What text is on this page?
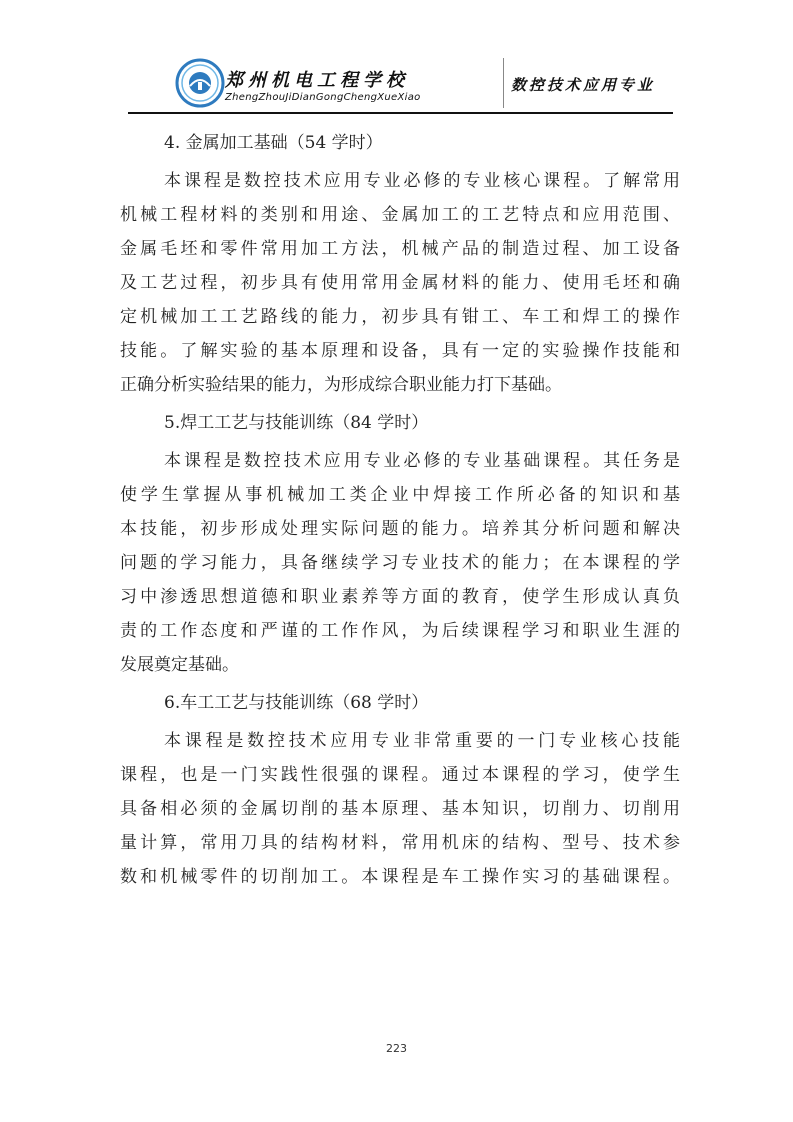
郑州机电工程学校
ZhengZhouJiDianGongChengXueXiao
数控技术应用专业
4. 金属加工基础（54 学时）
本课程是数控技术应用专业必修的专业核心课程。了解常用
机械工程材料的类别和用途、金属加工的工艺特点和应用范围、
金属毛坯和零件常用加工方法，机械产品的制造过程、加工设备
及工艺过程，初步具有使用常用金属材料的能力、使用毛坯和确
定机械加工工艺路线的能力，初步具有钳工、车工和焊工的操作
技能。了解实验的基本原理和设备，具有一定的实验操作技能和
正确分析实验结果的能力，为形成综合职业能力打下基础。
5.焊工工艺与技能训练（84 学时）
本课程是数控技术应用专业必修的专业基础课程。其任务是
使学生掌握从事机械加工类企业中焊接工作所必备的知识和基
本技能，初步形成处理实际问题的能力。培养其分析问题和解决
问题的学习能力，具备继续学习专业技术的能力；在本课程的学
习中渗透思想道德和职业素养等方面的教育，使学生形成认真负
责的工作态度和严谨的工作作风，为后续课程学习和职业生涯的
发展奠定基础。
6.车工工艺与技能训练（68 学时）
本课程是数控技术应用专业非常重要的一门专业核心技能
课程，也是一门实践性很强的课程。通过本课程的学习，使学生
具备相必须的金属切削的基本原理、基本知识，切削力、切削用
量计算，常用刀具的结构材料，常用机床的结构、型号、技术参
数和机械零件的切削加工。本课程是车工操作实习的基础课程。
223
